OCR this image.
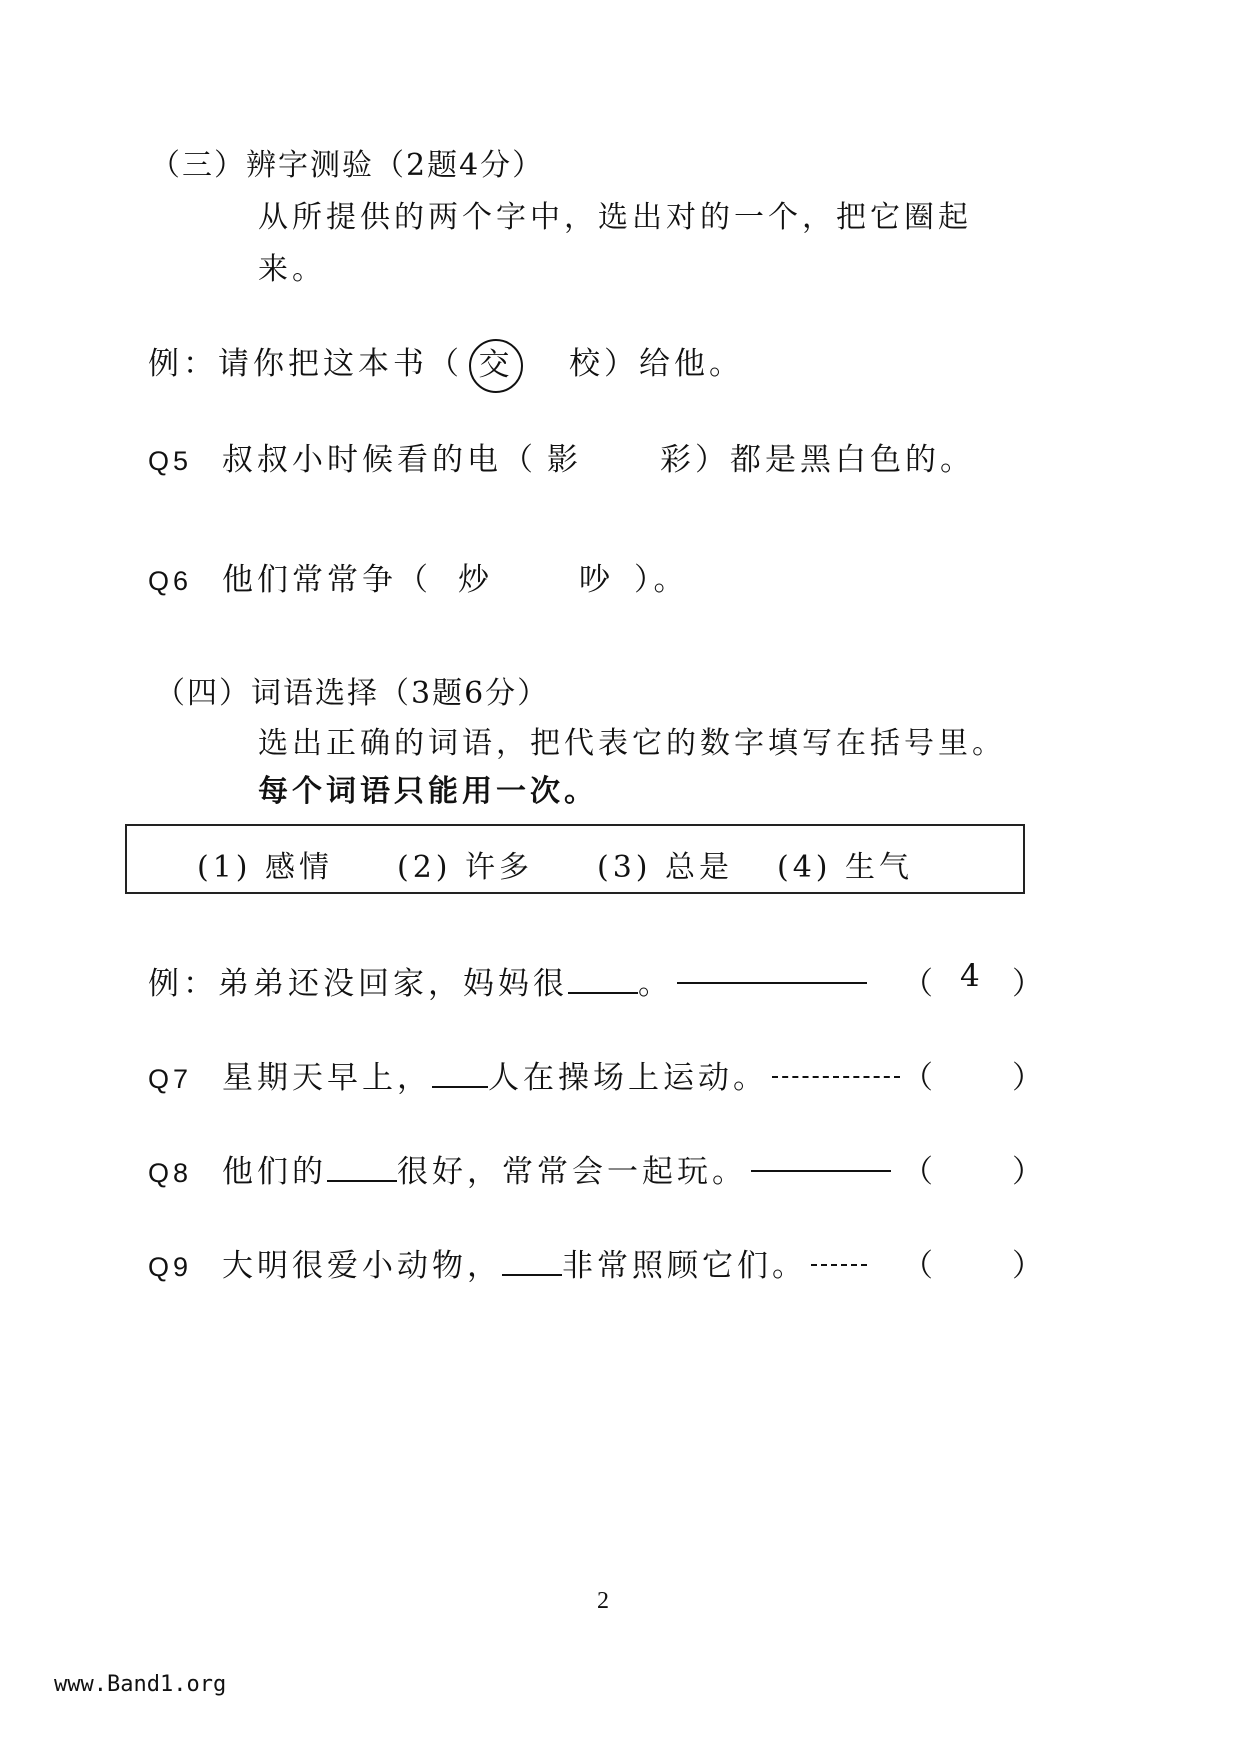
（三）辨字测验（2题4分）
从所提供的两个字中，选出对的一个，把它圈起
来。
例：请你把这本书（ 交 校）给他。
Q5 叔叔小时候看的电（ 影	彩）都是黑白色的。
Q6 他们常常争（ 炒	吵 ）。
（四）词语选择（3题6分）
选出正确的词语，把代表它的数字填写在括号里。
每个词语只能用一次。
(1) 感情 (2) 许多 (3) 总是 (4) 生气
例：弟弟还没回家，妈妈很 。	（ 4 ）
Q7 星期天早上， 人在操场上运动。	（	）
Q8 他们的 很好，常常会一起玩。	（	）
Q9 大明很爱小动物， 非常照顾它们。	（	）
2
www.Band1.org
